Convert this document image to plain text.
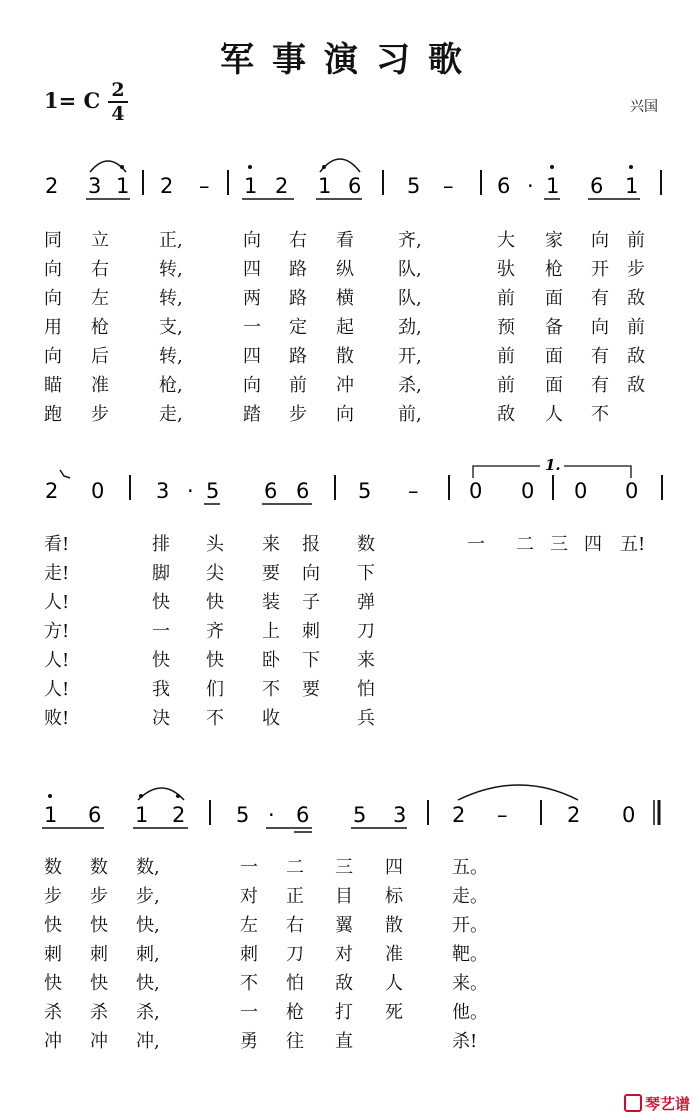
军事演习歌
1= C 2
4	兴国
2 3 1 2 – 1 2 1 6 5 – 6 · 1 6 1
2 0 3 · 5 6 6 5 – 0 0 0 0
1.
1 6 1 2 5 · 6 5 3 2 –	2 0
同 立	正,	向 右 看 齐,	大 家 向 前
向 右	转,	四 路 纵 队,	驮 枪 开 步
向 左	转,	两 路 横 队,	前 面 有 敌
用 枪	支,	一 定 起 劲,	预 备 向 前
向 后	转,	四 路 散 开,	前 面 有 敌
瞄 准	枪,	向 前 冲 杀,	前 面 有 敌
跑 步	走,	踏 步 向 前,	敌 人 不
看!	排 头 来 报 数	一 二 三 四 五!
走!	脚 尖 要 向 下
人!	快 快 装 子 弹
方!	一 齐 上 刺 刀
人!	快 快 卧 下 来
人!	我 们 不 要 怕
败!	决 不 收	兵
数 数 数,	一 二 三 四	五。
步 步 步,	对 正 目 标	走。
快 快 快,	左 右 翼 散	开。
刺 刺 刺,	刺 刀 对 准	靶。
快 快 快,	不 怕 敌 人	来。
杀 杀 杀,	一 枪 打 死	他。
冲 冲 冲,	勇 往 直	杀!
琴艺谱
